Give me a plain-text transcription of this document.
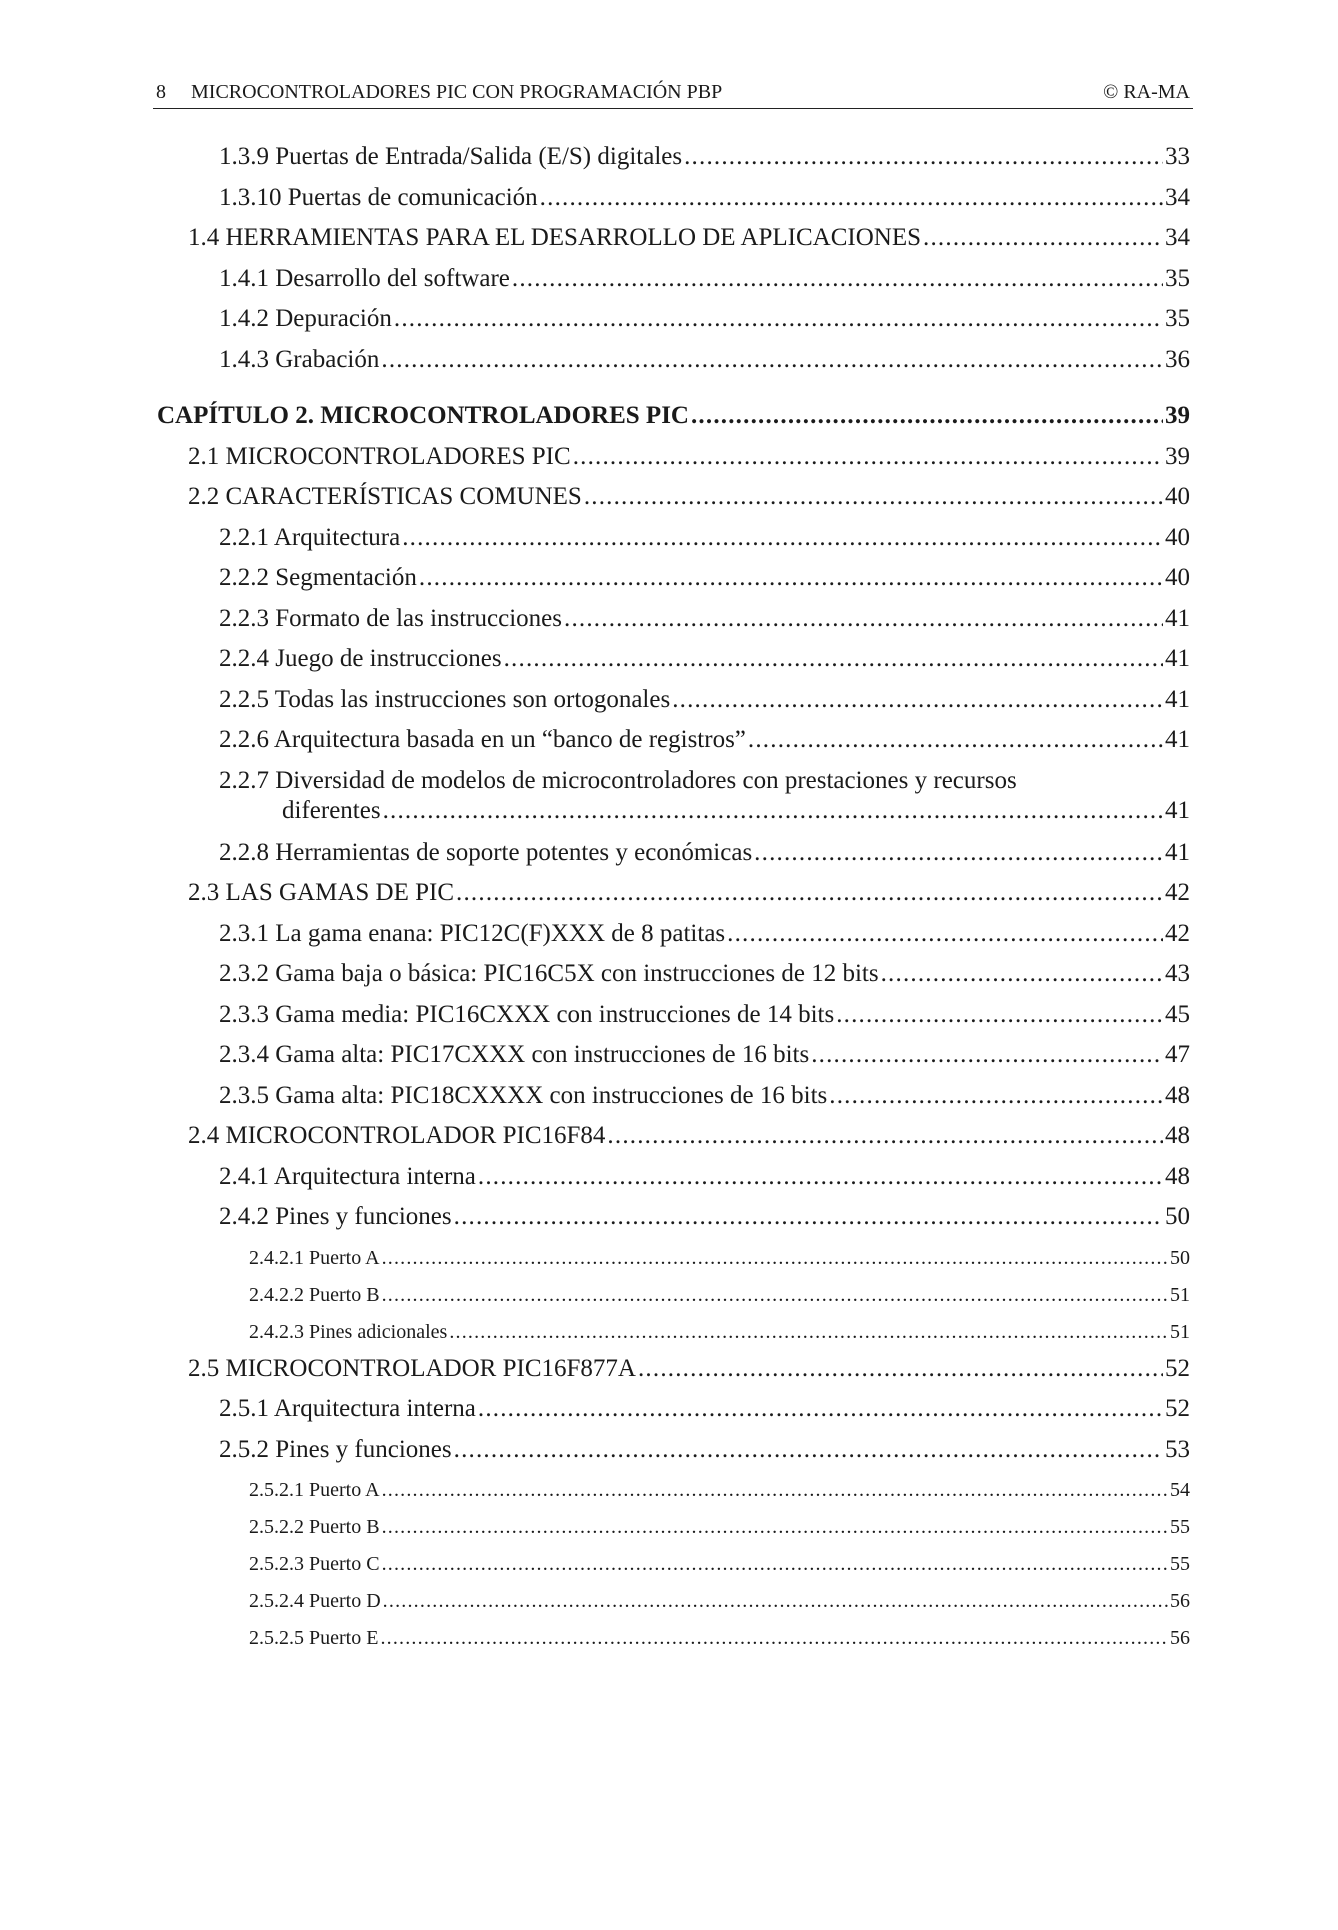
8 MICROCONTROLADORES PIC CON PROGRAMACIÓN PBP	© RA-MA
1.3.9 Puertas de Entrada/Salida (E/S) digitales .....	33
1.3.10 Puertas de comunicación .....	34
1.4 HERRAMIENTAS PARA EL DESARROLLO DE APLICACIONES .....	34
1.4.1 Desarrollo del software .....	35
1.4.2 Depuración .....	35
1.4.3 Grabación .....	36
CAPÍTULO 2. MICROCONTROLADORES PIC .....	39
2.1 MICROCONTROLADORES PIC .....	39
2.2 CARACTERÍSTICAS COMUNES .....	40
2.2.1 Arquitectura .....	40
2.2.2 Segmentación .....	40
2.2.3 Formato de las instrucciones .....	41
2.2.4 Juego de instrucciones .....	41
2.2.5 Todas las instrucciones son ortogonales .....	41
2.2.6 Arquitectura basada en un “banco de registros” .....	41
2.2.7 Diversidad de modelos de microcontroladores con prestaciones y recursos
diferentes .....	41
2.2.8 Herramientas de soporte potentes y económicas .....	41
2.3 LAS GAMAS DE PIC .....	42
2.3.1 La gama enana: PIC12C(F)XXX de 8 patitas .....	42
2.3.2 Gama baja o básica: PIC16C5X con instrucciones de 12 bits .....	43
2.3.3 Gama media: PIC16CXXX con instrucciones de 14 bits .....	45
2.3.4 Gama alta: PIC17CXXX con instrucciones de 16 bits .....	47
2.3.5 Gama alta: PIC18CXXXX con instrucciones de 16 bits .....	48
2.4 MICROCONTROLADOR PIC16F84 .....	48
2.4.1 Arquitectura interna .....	48
2.4.2 Pines y funciones .....	50
2.4.2.1 Puerto A .....	50
2.4.2.2 Puerto B .....	51
2.4.2.3 Pines adicionales .....	51
2.5 MICROCONTROLADOR PIC16F877A .....	52
2.5.1 Arquitectura interna .....	52
2.5.2 Pines y funciones .....	53
2.5.2.1 Puerto A .....	54
2.5.2.2 Puerto B .....	55
2.5.2.3 Puerto C .....	55
2.5.2.4 Puerto D .....	56
2.5.2.5 Puerto E .....	56
